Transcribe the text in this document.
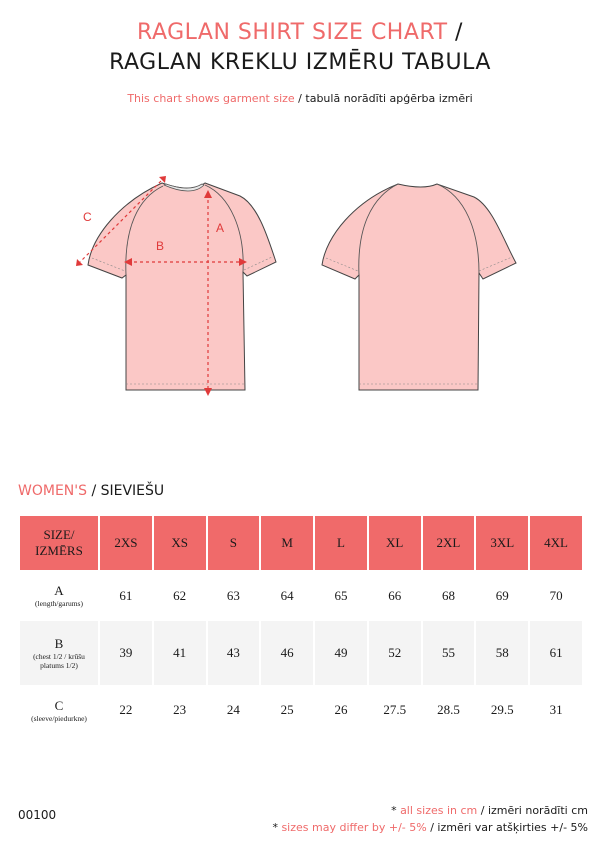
RAGLAN SHIRT SIZE CHART /
RAGLAN KREKLU IZMĒRU TABULA
This chart shows garment size / tabulā norādīti apģērba izmēri
A
B
C
WOMEN'S / SIEVIEŠU
SIZE/
IZMĒRS	2XS	XS	S	M	L	XL	2XL	3XL	4XL

A
(length/garums)	61	62	63	64	65	66	68	69	70

B
(chest 1/2 / krūšu platums 1/2)	39	41	43	46	49	52	55	58	61

C
(sleeve/piedurkne)	22	23	24	25	26	27.5	28.5	29.5	31
00100	* all sizes in cm / izmēri norādīti cm
* sizes may differ by +/- 5% / izmēri var atšķirties +/- 5%
